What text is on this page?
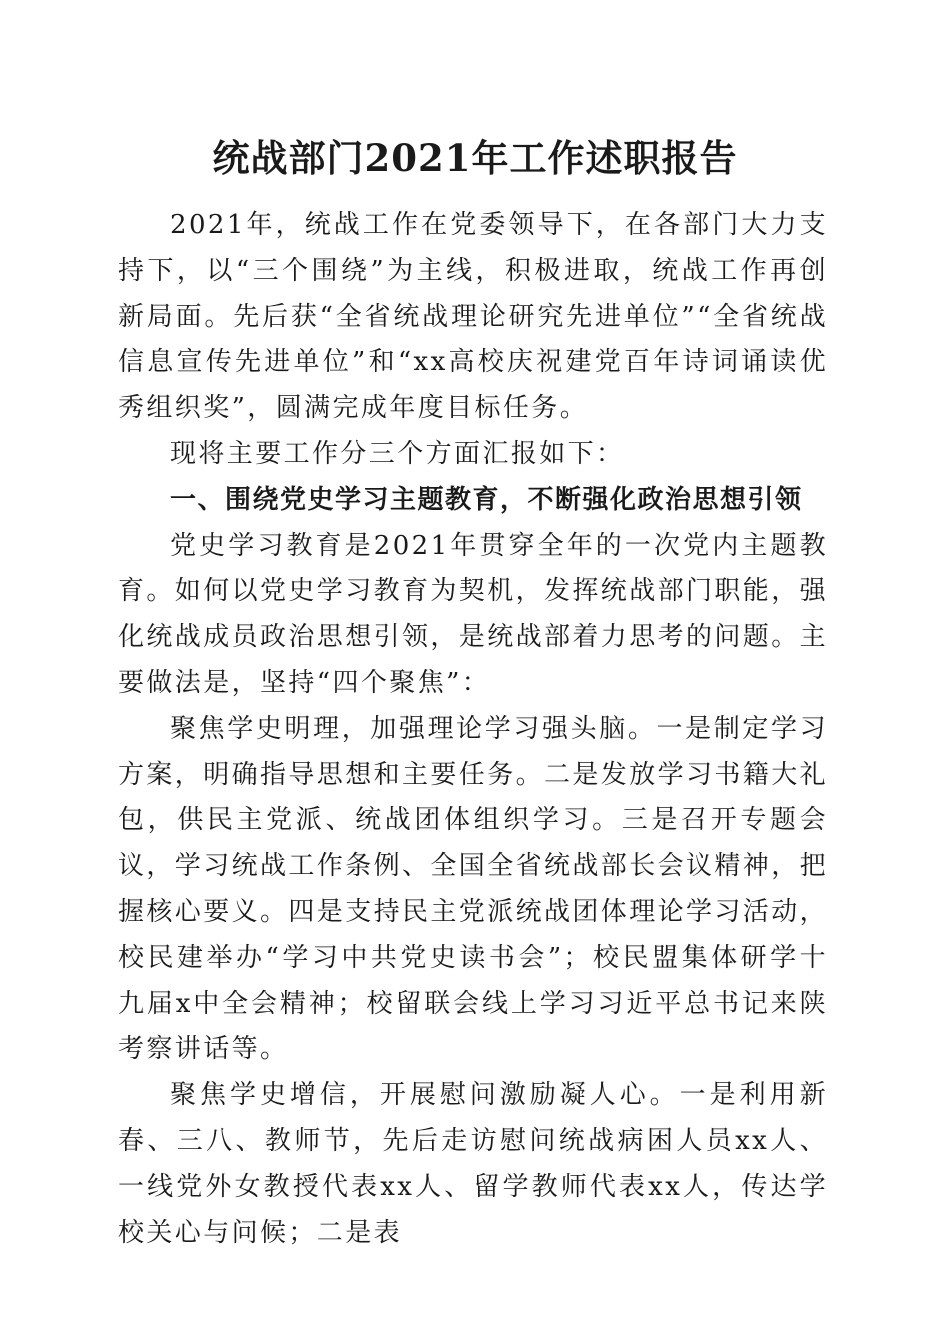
统战部门2021年工作述职报告

2021年，统战工作在党委领导下，在各部门大力支持下，以“三个围绕”为主线，积极进取，统战工作再创新局面。先后获“全省统战理论研究先进单位”“全省统战信息宣传先进单位”和“xx高校庆祝建党百年诗词诵读优秀组织奖”，圆满完成年度目标任务。

现将主要工作分三个方面汇报如下：

一、围绕党史学习主题教育，不断强化政治思想引领

党史学习教育是2021年贯穿全年的一次党内主题教育。如何以党史学习教育为契机，发挥统战部门职能，强化统战成员政治思想引领，是统战部着力思考的问题。主要做法是，坚持“四个聚焦”：

聚焦学史明理，加强理论学习强头脑。一是制定学习方案，明确指导思想和主要任务。二是发放学习书籍大礼包，供民主党派、统战团体组织学习。三是召开专题会议，学习统战工作条例、全国全省统战部长会议精神，把握核心要义。四是支持民主党派统战团体理论学习活动，校民建举办“学习中共党史读书会”；校民盟集体研学十九届x中全会精神；校留联会线上学习习近平总书记来陕考察讲话等。

聚焦学史增信，开展慰问激励凝人心。一是利用新春、三八、教师节，先后走访慰问统战病困人员xx人、一线党外女教授代表xx人、留学教师代表xx人，传达学校关心与问候；二是表
